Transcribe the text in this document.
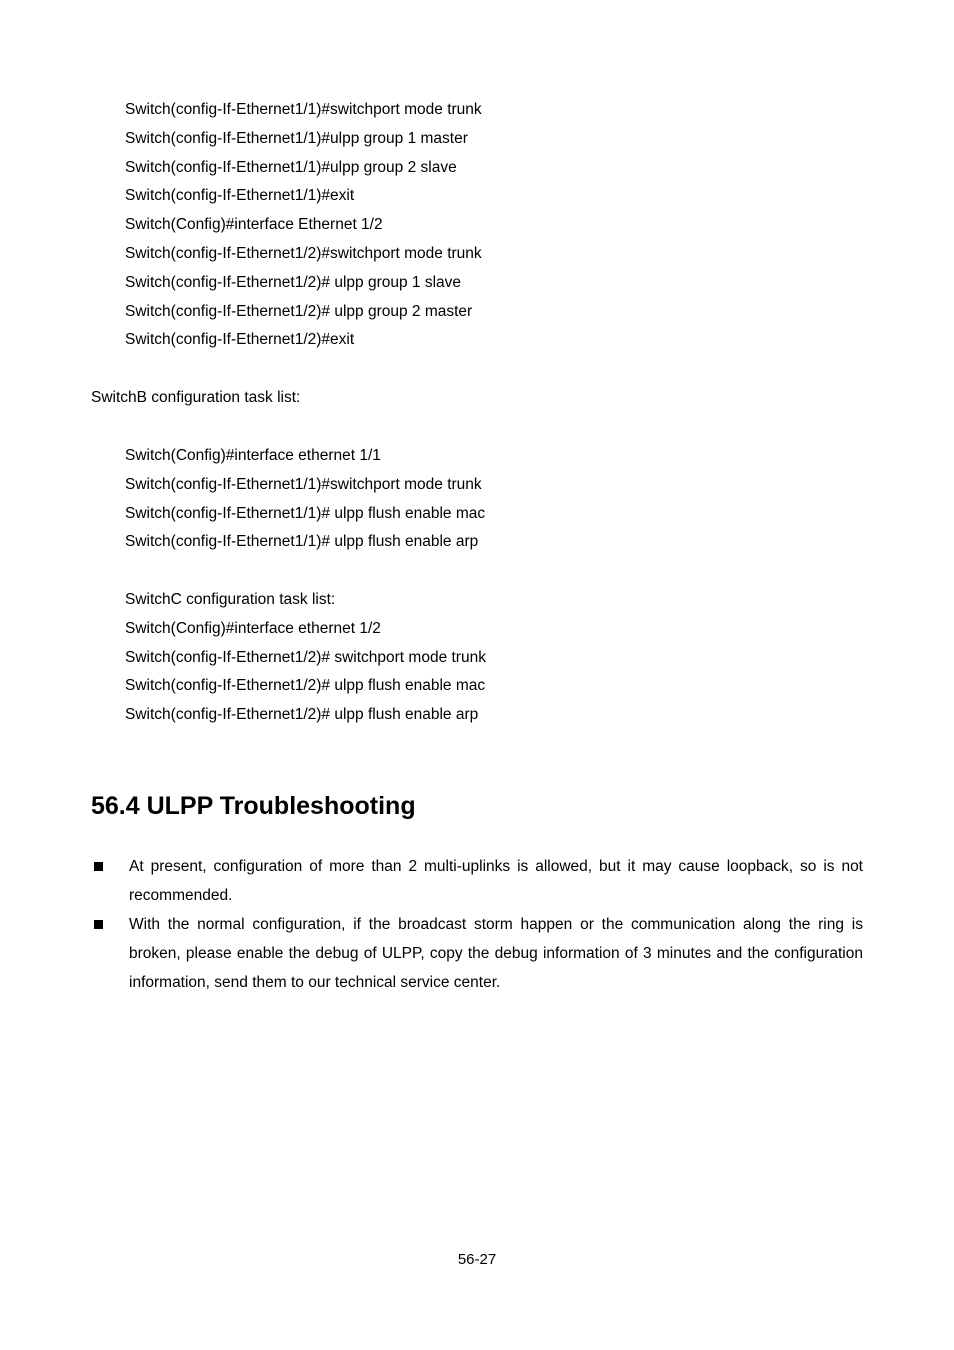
Switch(config-If-Ethernet1/1)#switchport mode trunk
Switch(config-If-Ethernet1/1)#ulpp group 1 master
Switch(config-If-Ethernet1/1)#ulpp group 2 slave
Switch(config-If-Ethernet1/1)#exit
Switch(Config)#interface Ethernet 1/2
Switch(config-If-Ethernet1/2)#switchport mode trunk
Switch(config-If-Ethernet1/2)# ulpp group 1 slave
Switch(config-If-Ethernet1/2)# ulpp group 2 master
Switch(config-If-Ethernet1/2)#exit
SwitchB configuration task list:
Switch(Config)#interface ethernet 1/1
Switch(config-If-Ethernet1/1)#switchport mode trunk
Switch(config-If-Ethernet1/1)# ulpp flush enable mac
Switch(config-If-Ethernet1/1)# ulpp flush enable arp
SwitchC configuration task list:
Switch(Config)#interface ethernet 1/2
Switch(config-If-Ethernet1/2)# switchport mode trunk
Switch(config-If-Ethernet1/2)# ulpp flush enable mac
Switch(config-If-Ethernet1/2)# ulpp flush enable arp
56.4 ULPP Troubleshooting
At present, configuration of more than 2 multi-uplinks is allowed, but it may cause loopback, so is not recommended.
With the normal configuration, if the broadcast storm happen or the communication along the ring is broken, please enable the debug of ULPP, copy the debug information of 3 minutes and the configuration information, send them to our technical service center.
56-27
